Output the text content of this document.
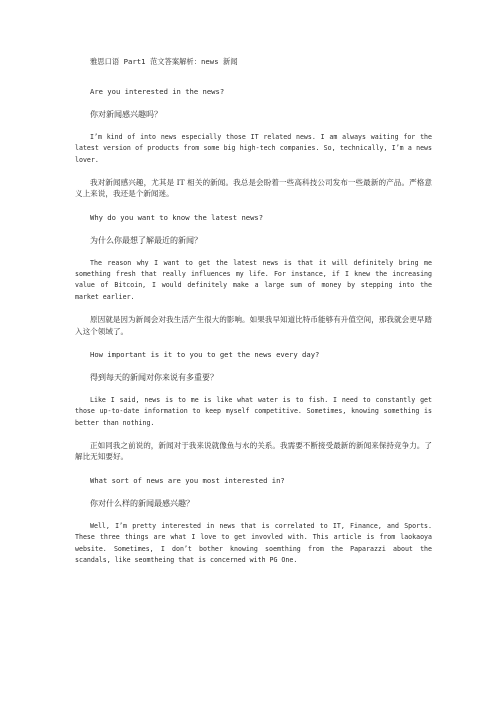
雅思口语 Part1 范文答案解析：news 新闻

Are you interested in the news?

你对新闻感兴趣吗？

I’m kind of into news especially those IT related news. I am always waiting for the latest version of products from some big high-tech companies. So, technically, I’m a news lover.

我对新闻感兴趣，尤其是 IT 相关的新闻。我总是会盼着一些高科技公司发布一些最新的产品。严格意义上来说，我还是个新闻迷。

Why do you want to know the latest news?

为什么你最想了解最近的新闻？

The reason why I want to get the latest news is that it will definitely bring me something fresh that really influences my life. For instance, if I knew the increasing value of Bitcoin, I would definitely make a large sum of money by stepping into the market earlier.

原因就是因为新闻会对我生活产生很大的影响。如果我早知道比特币能够有升值空间，那我就会更早踏入这个领域了。

How important is it to you to get the news every day?

得到每天的新闻对你来说有多重要？

Like I said, news is to me is like what water is to fish. I need to constantly get those up-to-date information to keep myself competitive. Sometimes, knowing something is better than nothing.

正如同我之前说的，新闻对于我来说就像鱼与水的关系。我需要不断接受最新的新闻来保持竞争力。了解比无知要好。

What sort of news are you most interested in?

你对什么样的新闻最感兴趣？

Well, I’m pretty interested in news that is correlated to IT, Finance, and Sports. These three things are what I love to get invovled with. This article is from laokaoya website. Sometimes, I don’t bother knowing soemthing from the Paparazzi about the scandals, like seomtheing that is concerned with PG One.
